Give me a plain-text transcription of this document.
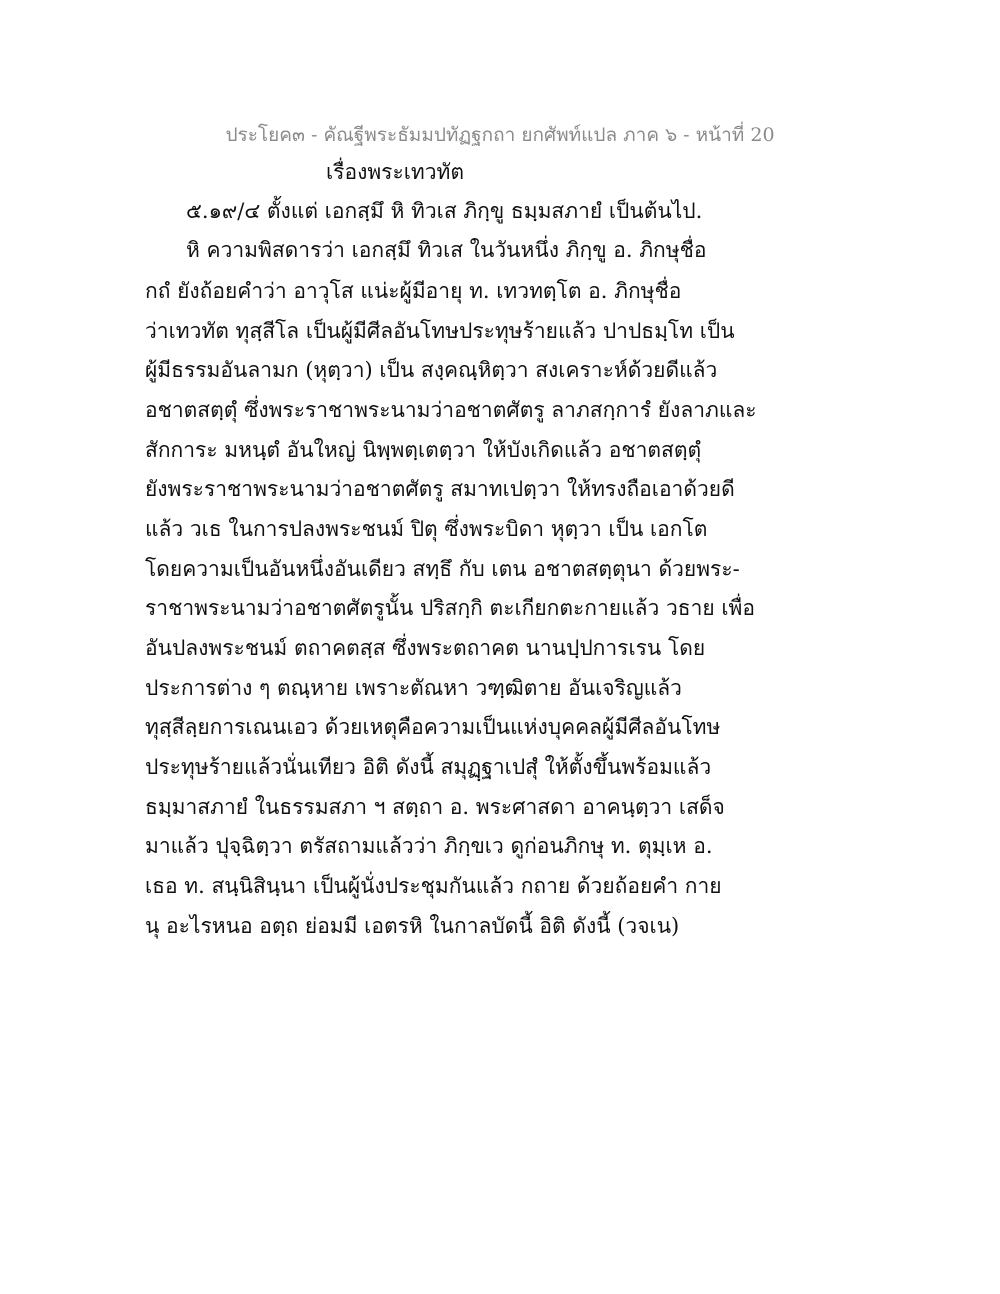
ประโยค๓ - คัณฐีพระธัมมปทัฏฐกถา ยกศัพท์แปล ภาค ๖ - หน้าที่ 20
เรื่องพระเทวทัต
๕.๑๙/๔ ตั้งแต่ เอกสฺมึ หิ ทิวเส ภิกฺขู ธมฺมสภายํ เป็นต้นไป.
หิ ความพิสดารว่า เอกสฺมึ ทิวเส ในวันหนึ่ง ภิกฺขู อ. ภิกษุชื่อ
กถํ ยังถ้อยคำว่า อาวุโส แน่ะผู้มีอายุ ท. เทวทตฺโต อ. ภิกษุชื่อ
ว่าเทวทัต ทุสฺสีโล เป็นผู้มีศีลอันโทษประทุษร้ายแล้ว ปาปธมฺโท เป็น
ผู้มีธรรมอันลามก (หุตฺวา) เป็น สงฺคณฺหิตฺวา สงเคราะห์ด้วยดีแล้ว
อชาตสตฺตุํ ซึ่งพระราชาพระนามว่าอชาตศัตรู ลาภสกฺการํ ยังลาภและ
สักการะ มหนฺตํ อันใหญ่ นิพฺพตฺเตตฺวา ให้บังเกิดแล้ว อชาตสตฺตุํ
ยังพระราชาพระนามว่าอชาตศัตรู สมาทเปตฺวา ให้ทรงถือเอาด้วยดี
แล้ว วเธ ในการปลงพระชนม์ ปิตุ ซึ่งพระบิดา หุตฺวา เป็น เอกโต
โดยความเป็นอันหนึ่งอันเดียว สทฺธึ กับ เตน อชาตสตฺตุนา ด้วยพระ-
ราชาพระนามว่าอชาตศัตรูนั้น ปริสกฺกิ ตะเกียกตะกายแล้ว วธาย เพื่อ
อันปลงพระชนม์ ตถาคตสฺส ซึ่งพระตถาคต นานปฺปการเรน โดย
ประการต่าง ๆ ตณฺหาย เพราะตัณหา วฑฺฒิตาย อันเจริญแล้ว
ทุสฺสีลฺยการเณนเอว ด้วยเหตุคือความเป็นแห่งบุคคลผู้มีศีลอันโทษ
ประทุษร้ายแล้วนั่นเทียว อิติ ดังนี้ สมุฏฺฐาเปสุํ ให้ตั้งขึ้นพร้อมแล้ว
ธมฺมาสภายํ ในธรรมสภา ฯ สตฺถา อ. พระศาสดา อาคนฺตฺวา เสด็จ
มาแล้ว ปุจฺฉิตฺวา ตรัสถามแล้วว่า ภิกฺขเว ดูก่อนภิกษุ ท. ตุมฺเห อ.
เธอ ท. สนฺนิสินฺนา เป็นผู้นั่งประชุมกันแล้ว กถาย ด้วยถ้อยคำ กาย
นุ อะไรหนอ อตฺถ ย่อมมี เอตรหิ ในกาลบัดนี้ อิติ ดังนี้ (วจเน)
